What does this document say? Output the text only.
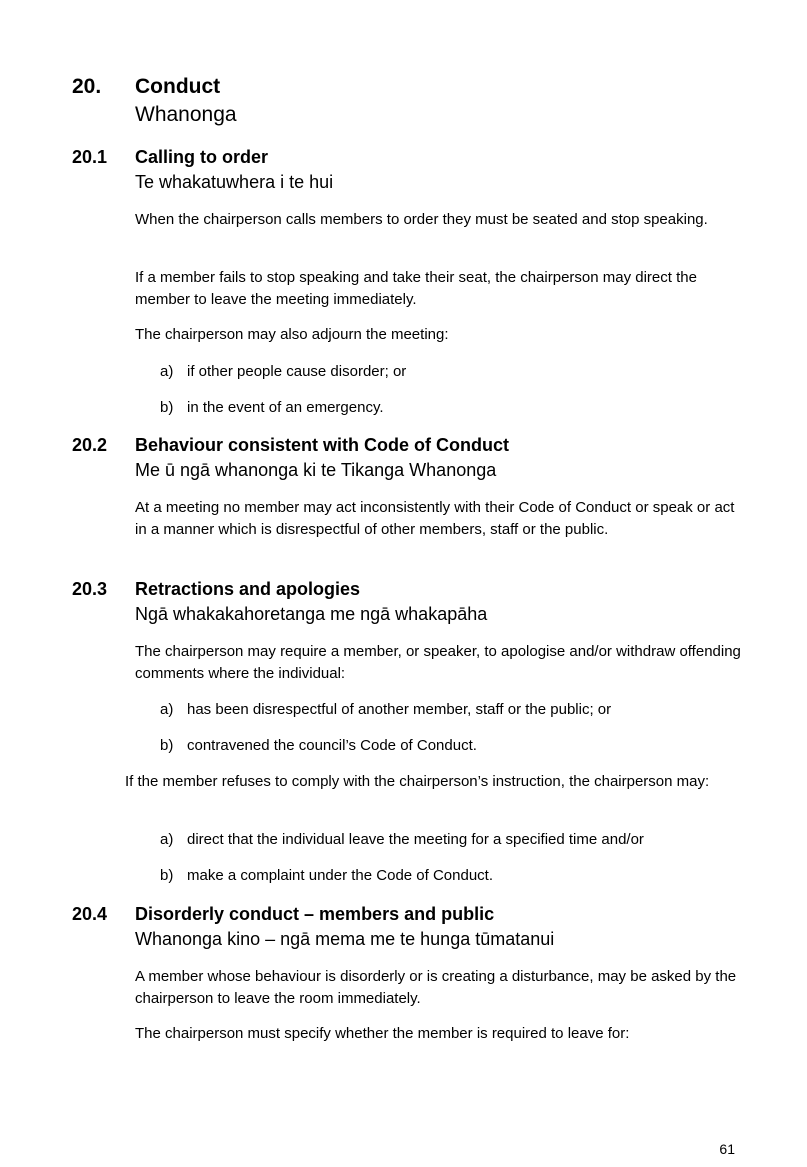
20. Conduct
Whanonga
20.1 Calling to order
Te whakatuwhera i te hui

When the chairperson calls members to order they must be seated and stop speaking.

If a member fails to stop speaking and take their seat, the chairperson may direct the member to leave the meeting immediately.

The chairperson may also adjourn the meeting:

a) if other people cause disorder; or
b) in the event of an emergency.
20.2 Behaviour consistent with Code of Conduct
Me ū ngā whanonga ki te Tikanga Whanonga

At a meeting no member may act inconsistently with their Code of Conduct or speak or act in a manner which is disrespectful of other members, staff or the public.

20.3 Retractions and apologies
Ngā whakakahoretanga me ngā whakapāha

The chairperson may require a member, or speaker, to apologise and/or withdraw offending comments where the individual:

a) has been disrespectful of another member, staff or the public; or
b) contravened the council’s Code of Conduct.

If the member refuses to comply with the chairperson’s instruction, the chairperson may:

a) direct that the individual leave the meeting for a specified time and/or
b) make a complaint under the Code of Conduct.
20.4 Disorderly conduct – members and public
Whanonga kino – ngā mema me te hunga tūmatanui

A member whose behaviour is disorderly or is creating a disturbance, may be asked by the chairperson to leave the room immediately.

The chairperson must specify whether the member is required to leave for:

61
